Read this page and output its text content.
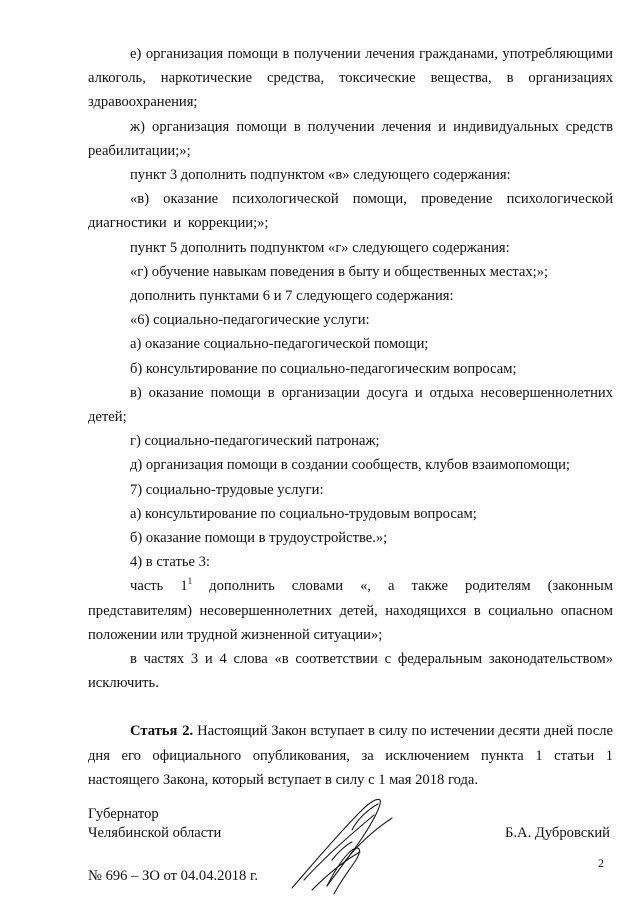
е) организация помощи в получении лечения гражданами, употребляющими алкоголь, наркотические средства, токсические вещества, в организациях здравоохранения;

ж) организация помощи в получении лечения и индивидуальных средств реабилитации;»;

пункт 3 дополнить подпунктом «в» следующего содержания:

«в) оказание психологической помощи, проведение психологической диагностики и коррекции;»;

пункт 5 дополнить подпунктом «г» следующего содержания:

«г) обучение навыкам поведения в быту и общественных местах;»;

дополнить пунктами 6 и 7 следующего содержания:

«6) социально-педагогические услуги:

а) оказание социально-педагогической помощи;

б) консультирование по социально-педагогическим вопросам;

в) оказание помощи в организации досуга и отдыха несовершеннолетних детей;

г) социально-педагогический патронаж;

д) организация помощи в создании сообществ, клубов взаимопомощи;

7) социально-трудовые услуги:

а) консультирование по социально-трудовым вопросам;

б) оказание помощи в трудоустройстве.»;

4) в статье 3:

часть $1^1$ дополнить словами «, а также родителям (законным представителям) несовершеннолетних детей, находящихся в социально опасном положении или трудной жизненной ситуации»;

в частях 3 и 4 слова «в соответствии с федеральным законодательством» исключить.

Статья 2. Настоящий Закон вступает в силу по истечении десяти дней после дня его официального опубликования, за исключением пункта 1 статьи 1 настоящего Закона, который вступает в силу с 1 мая 2018 года.

Губернатор
Челябинской области	Б.А. Дубровский
№ 696 – ЗО от 04.04.2018 г.
2
